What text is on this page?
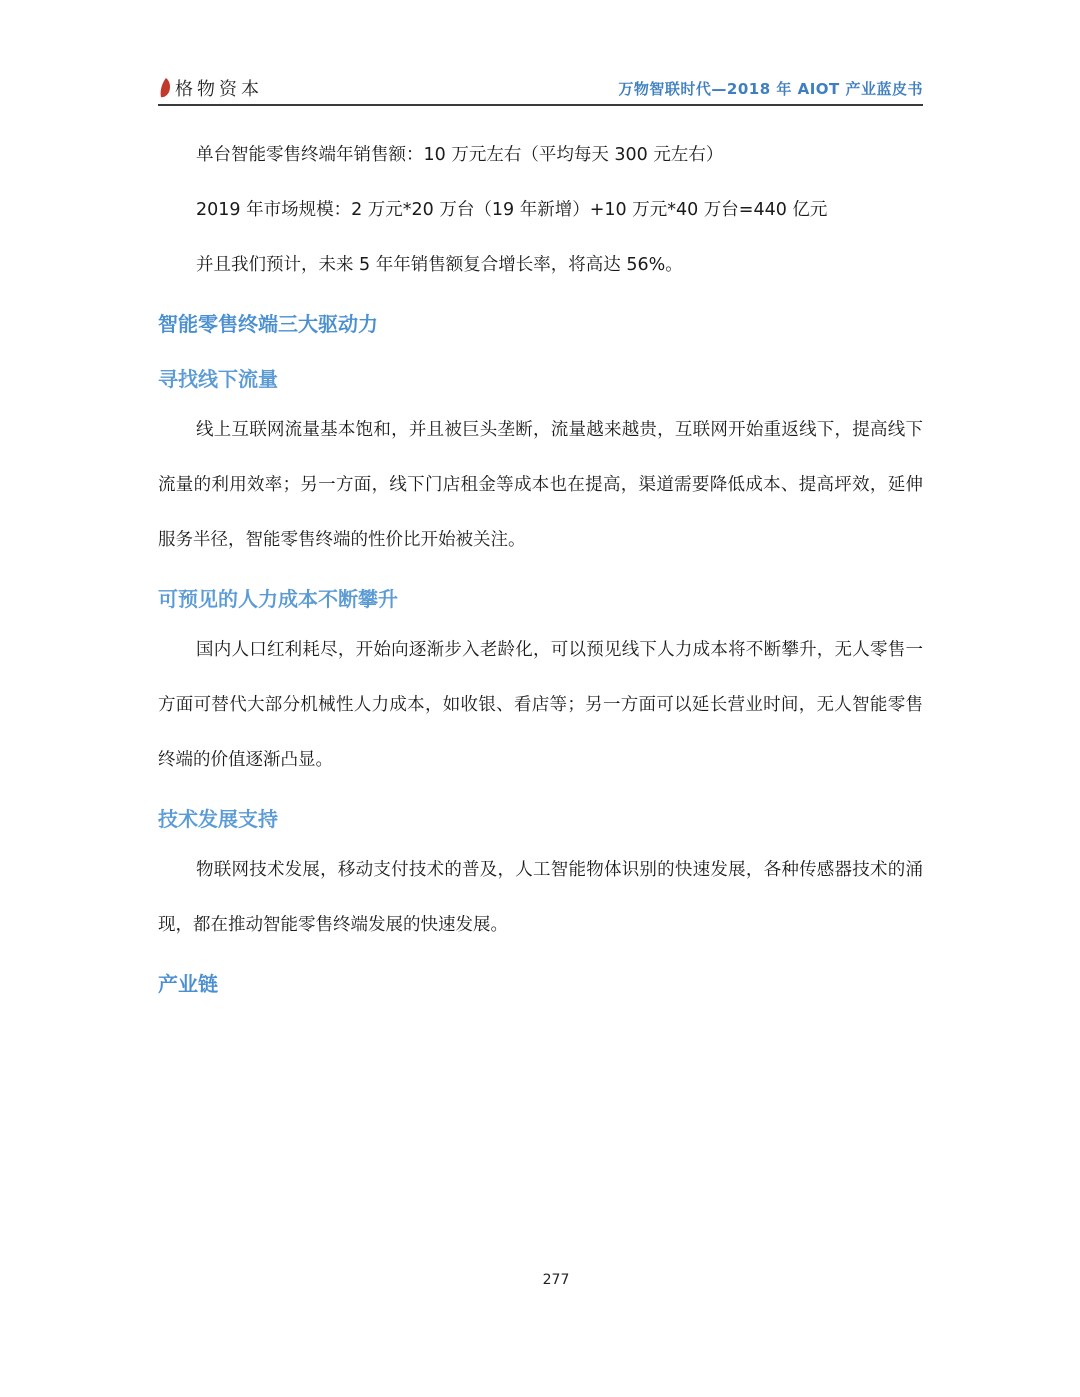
格物资本	万物智联时代—2018 年 AIOT 产业蓝皮书

单台智能零售终端年销售额：10 万元左右（平均每天 300 元左右）

2019 年市场规模：2 万元*20 万台（19 年新增）+10 万元*40 万台=440 亿元

并且我们预计，未来 5 年年销售额复合增长率，将高达 56%。

智能零售终端三大驱动力
寻找线下流量

线上互联网流量基本饱和，并且被巨头垄断，流量越来越贵，互联网开始重返线下，提高线下流量的利用效率；另一方面，线下门店租金等成本也在提高，渠道需要降低成本、提高坪效，延伸服务半径，智能零售终端的性价比开始被关注。

可预见的人力成本不断攀升

国内人口红利耗尽，开始向逐渐步入老龄化，可以预见线下人力成本将不断攀升，无人零售一方面可替代大部分机械性人力成本，如收银、看店等；另一方面可以延长营业时间，无人智能零售终端的价值逐渐凸显。

技术发展支持

物联网技术发展，移动支付技术的普及，人工智能物体识别的快速发展，各种传感器技术的涌现，都在推动智能零售终端发展的快速发展。

产业链
277
